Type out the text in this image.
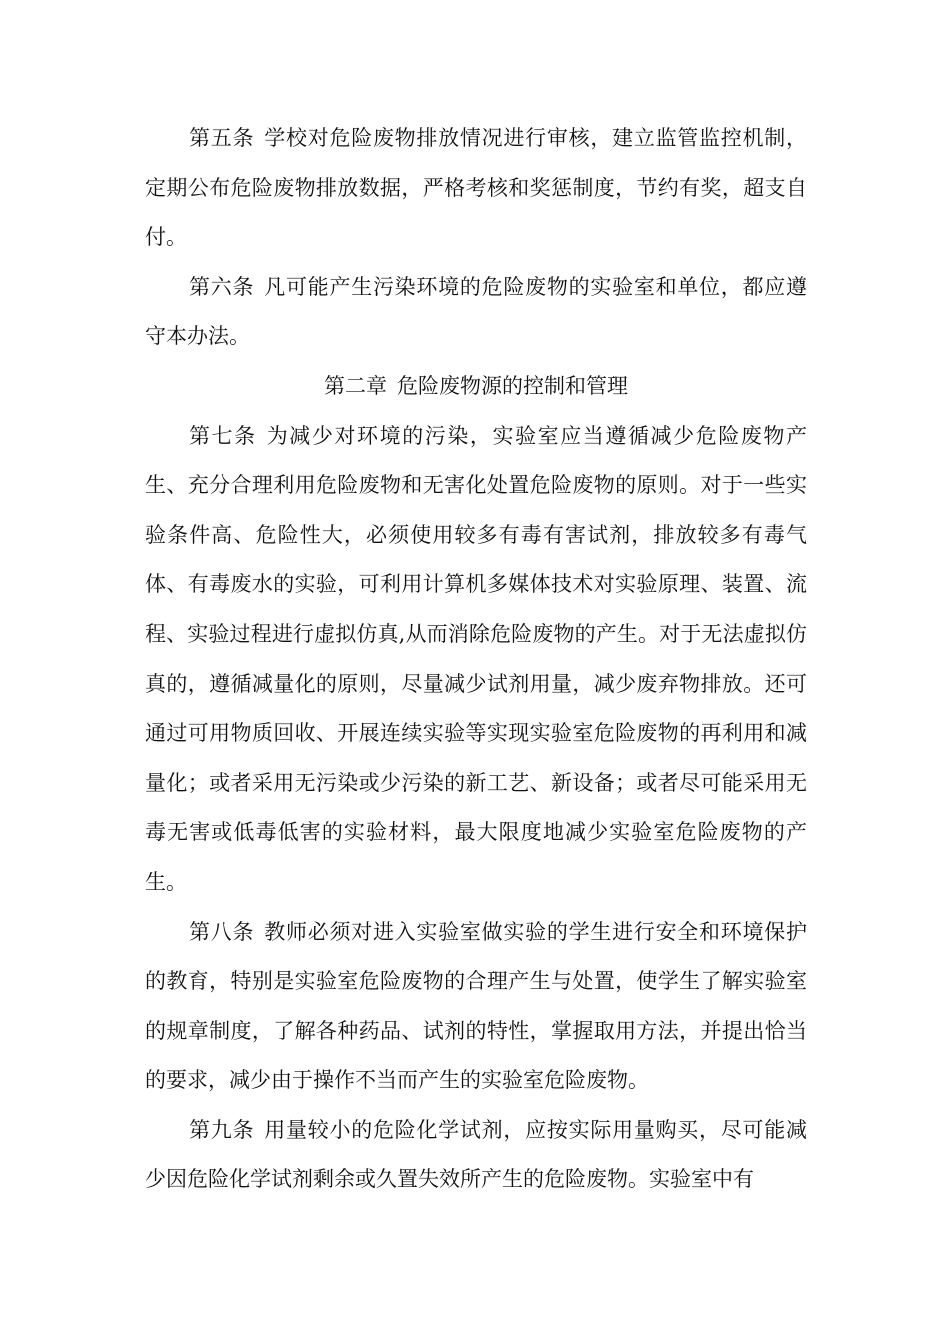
第五条 学校对危险废物排放情况进行审核，建立监管监控机制，定期公布危险废物排放数据，严格考核和奖惩制度，节约有奖，超支自付。

第六条 凡可能产生污染环境的危险废物的实验室和单位，都应遵守本办法。

第二章 危险废物源的控制和管理

第七条 为减少对环境的污染，实验室应当遵循减少危险废物产生、充分合理利用危险废物和无害化处置危险废物的原则。对于一些实验条件高、危险性大，必须使用较多有毒有害试剂，排放较多有毒气体、有毒废水的实验，可利用计算机多媒体技术对实验原理、装置、流程、实验过程进行虚拟仿真,从而消除危险废物的产生。对于无法虚拟仿真的，遵循减量化的原则，尽量减少试剂用量，减少废弃物排放。还可通过可用物质回收、开展连续实验等实现实验室危险废物的再利用和减量化；或者采用无污染或少污染的新工艺、新设备；或者尽可能采用无毒无害或低毒低害的实验材料，最大限度地减少实验室危险废物的产生。

第八条 教师必须对进入实验室做实验的学生进行安全和环境保护的教育，特别是实验室危险废物的合理产生与处置，使学生了解实验室的规章制度，了解各种药品、试剂的特性，掌握取用方法，并提出恰当的要求，减少由于操作不当而产生的实验室危险废物。

第九条 用量较小的危险化学试剂，应按实际用量购买，尽可能减少因危险化学试剂剩余或久置失效所产生的危险废物。实验室中有
